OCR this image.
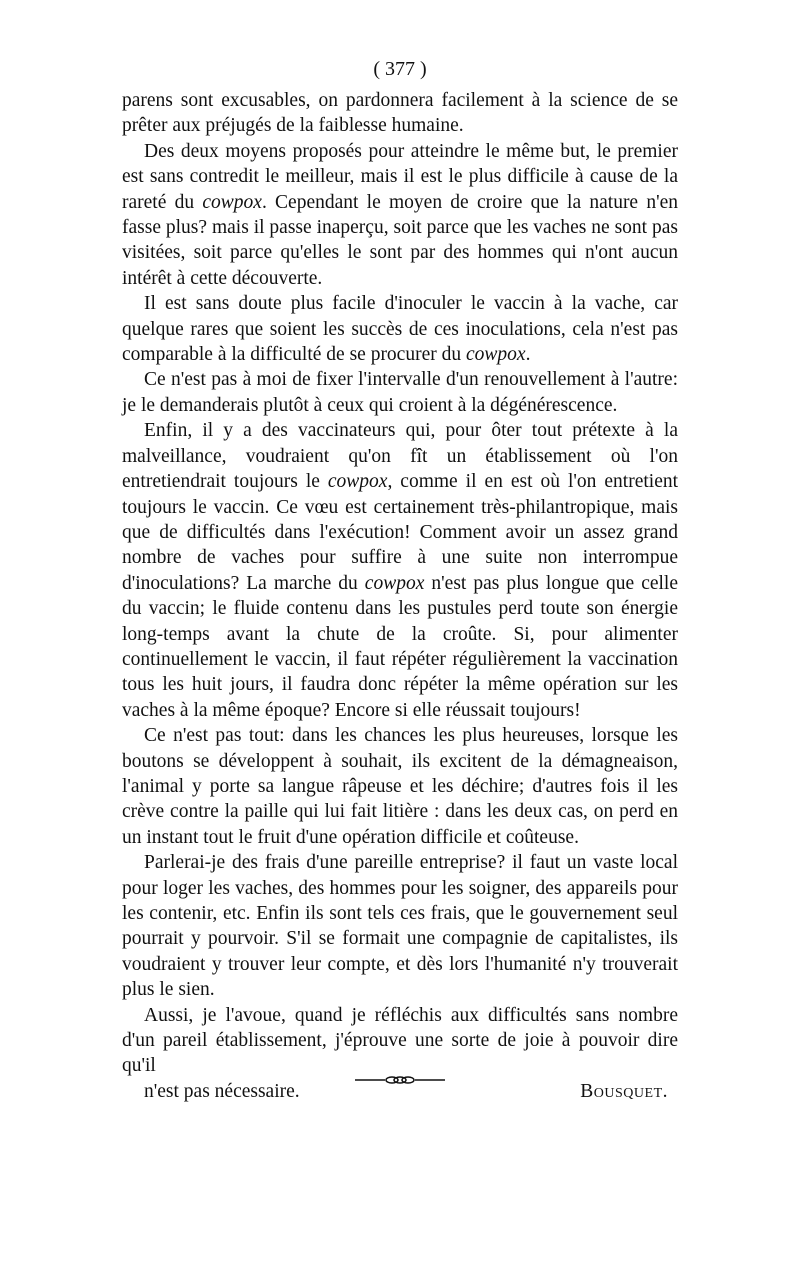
( 377 )

parens sont excusables, on pardonnera facilement à la science de se prêter aux préjugés de la faiblesse humaine.

Des deux moyens proposés pour atteindre le même but, le premier est sans contredit le meilleur, mais il est le plus difficile à cause de la rareté du cowpox. Cependant le moyen de croire que la nature n'en fasse plus? mais il passe inaperçu, soit parce que les vaches ne sont pas visitées, soit parce qu'elles le sont par des hommes qui n'ont aucun intérêt à cette découverte.

Il est sans doute plus facile d'inoculer le vaccin à la vache, car quelque rares que soient les succès de ces inoculations, cela n'est pas comparable à la difficulté de se procurer du cowpox.

Ce n'est pas à moi de fixer l'intervalle d'un renouvellement à l'autre: je le demanderais plutôt à ceux qui croient à la dégénérescence.

Enfin, il y a des vaccinateurs qui, pour ôter tout prétexte à la malveillance, voudraient qu'on fît un établissement où l'on entretiendrait toujours le cowpox, comme il en est où l'on entretient toujours le vaccin. Ce vœu est certainement très-philantropique, mais que de difficultés dans l'exécution! Comment avoir un assez grand nombre de vaches pour suffire à une suite non interrompue d'inoculations? La marche du cowpox n'est pas plus longue que celle du vaccin; le fluide contenu dans les pustules perd toute son énergie long-temps avant la chute de la croûte. Si, pour alimenter continuellement le vaccin, il faut répéter régulièrement la vaccination tous les huit jours, il faudra donc répéter la même opération sur les vaches à la même époque? Encore si elle réussait toujours!

Ce n'est pas tout: dans les chances les plus heureuses, lorsque les boutons se développent à souhait, ils excitent de la démagneaison, l'animal y porte sa langue râpeuse et les déchire; d'autres fois il les crève contre la paille qui lui fait litière : dans les deux cas, on perd en un instant tout le fruit d'une opération difficile et coûteuse.

Parlerai-je des frais d'une pareille entreprise? il faut un vaste local pour loger les vaches, des hommes pour les soigner, des appareils pour les contenir, etc. Enfin ils sont tels ces frais, que le gouvernement seul pourrait y pourvoir. S'il se formait une compagnie de capitalistes, ils voudraient y trouver leur compte, et dès lors l'humanité n'y trouverait plus le sien.

Aussi, je l'avoue, quand je réfléchis aux difficultés sans nombre d'un pareil établissement, j'éprouve une sorte de joie à pouvoir dire qu'il

n'est pas nécessaire.	Bousquet.
